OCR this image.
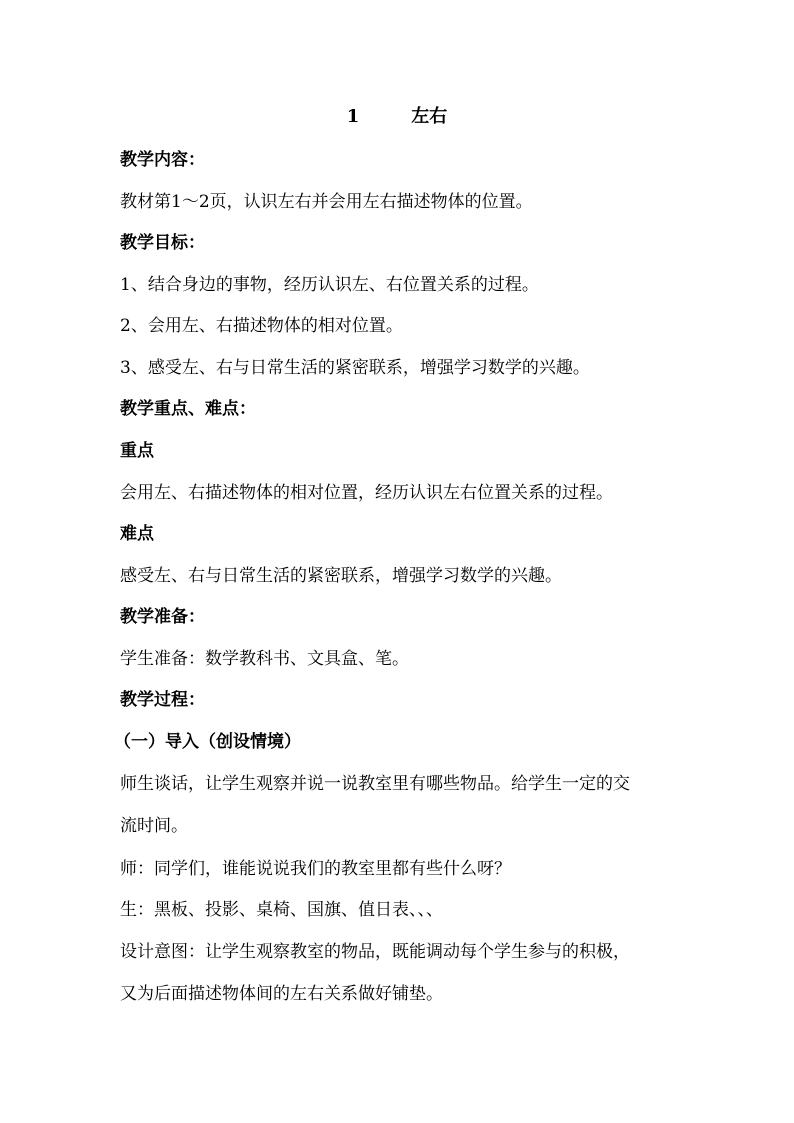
1	左右
教学内容：
教材第1～2页，认识左右并会用左右描述物体的位置。
教学目标：
1、结合身边的事物，经历认识左、右位置关系的过程。
2、会用左、右描述物体的相对位置。
3、感受左、右与日常生活的紧密联系，增强学习数学的兴趣。
教学重点、难点：
重点
会用左、右描述物体的相对位置，经历认识左右位置关系的过程。
难点
感受左、右与日常生活的紧密联系，增强学习数学的兴趣。
教学准备：
学生准备：数学教科书、文具盒、笔。
教学过程：
（一）导入（创设情境）
师生谈话，让学生观察并说一说教室里有哪些物品。给学生一定的交
流时间。
师：同学们，谁能说说我们的教室里都有些什么呀？
生：黑板、投影、桌椅、国旗、值日表、、、
设计意图：让学生观察教室的物品，既能调动每个学生参与的积极，
又为后面描述物体间的左右关系做好铺垫。
